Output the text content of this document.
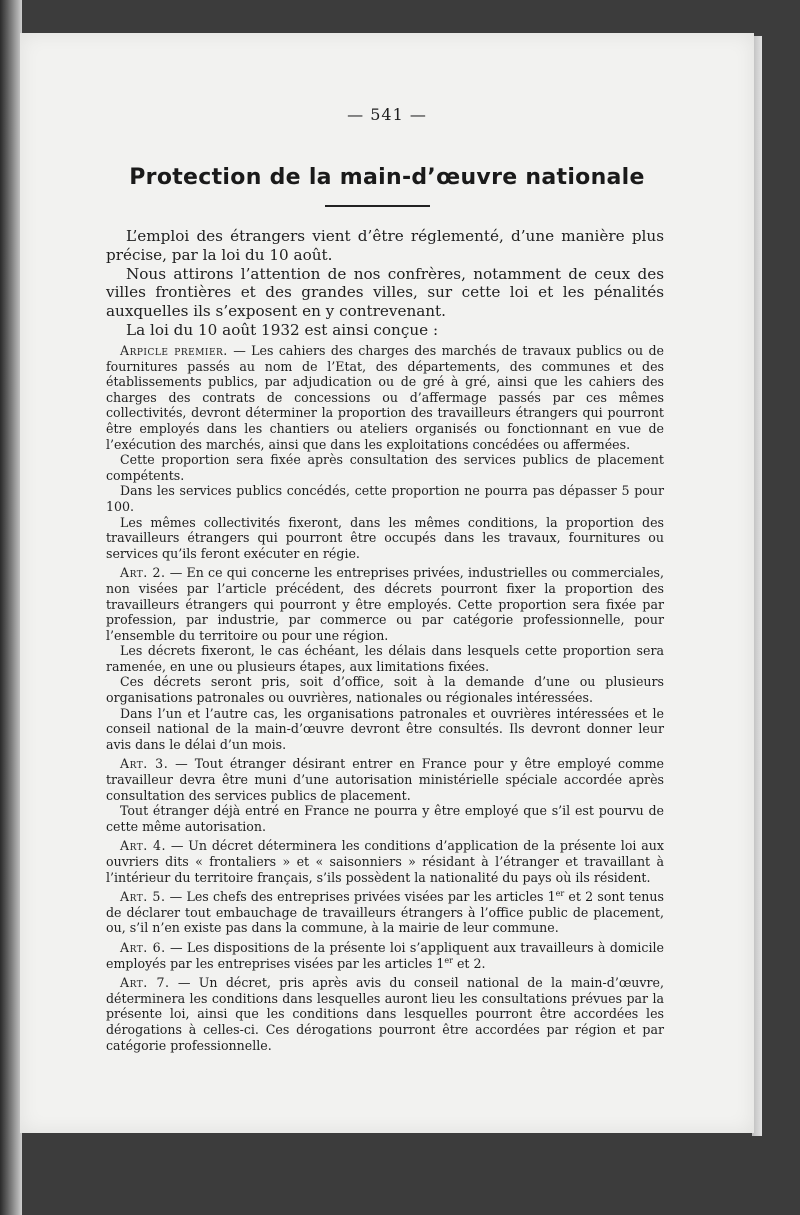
— 541 —
Protection de la main-d’œuvre nationale

L’emploi des étrangers vient d’être réglementé, d’une manière plus précise, par la loi du 10 août.

Nous attirons l’attention de nos confrères, notamment de ceux des villes frontières et des grandes villes, sur cette loi et les pénalités auxquelles ils s’exposent en y contrevenant.

La loi du 10 août 1932 est ainsi conçue :

Arpicle premier. — Les cahiers des charges des marchés de travaux publics ou de fournitures passés au nom de l’Etat, des départements, des communes et des établissements publics, par adjudication ou de gré à gré, ainsi que les cahiers des charges des contrats de concessions ou d’affermage passés par ces mêmes collectivités, devront déterminer la proportion des travailleurs étrangers qui pourront être employés dans les chantiers ou ateliers organisés ou fonctionnant en vue de l’exécution des marchés, ainsi que dans les exploitations concédées ou affermées.

Cette proportion sera fixée après consultation des services publics de placement compétents.

Dans les services publics concédés, cette proportion ne pourra pas dépasser 5 pour 100.

Les mêmes collectivités fixeront, dans les mêmes conditions, la proportion des travailleurs étrangers qui pourront être occupés dans les travaux, fournitures ou services qu’ils feront exécuter en régie.

Art. 2. — En ce qui concerne les entreprises privées, industrielles ou commerciales, non visées par l’article précédent, des décrets pourront fixer la proportion des travailleurs étrangers qui pourront y être employés. Cette proportion sera fixée par profession, par industrie, par commerce ou par catégorie professionnelle, pour l’ensemble du territoire ou pour une région.

Les décrets fixeront, le cas échéant, les délais dans lesquels cette proportion sera ramenée, en une ou plusieurs étapes, aux limitations fixées.

Ces décrets seront pris, soit d’office, soit à la demande d’une ou plusieurs organisations patronales ou ouvrières, nationales ou régionales intéressées.

Dans l’un et l’autre cas, les organisations patronales et ouvrières intéressées et le conseil national de la main-d’œuvre devront être consultés. Ils devront donner leur avis dans le délai d’un mois.

Art. 3. — Tout étranger désirant entrer en France pour y être employé comme travailleur devra être muni d’une autorisation ministérielle spéciale accordée après consultation des services publics de placement.

Tout étranger déjà entré en France ne pourra y être employé que s’il est pourvu de cette même autorisation.

Art. 4. — Un décret déterminera les conditions d’application de la présente loi aux ouvriers dits « frontaliers » et « saisonniers » résidant à l’étranger et travaillant à l’intérieur du territoire français, s’ils possèdent la nationalité du pays où ils résident.

Art. 5. — Les chefs des entreprises privées visées par les articles 1er et 2 sont tenus de déclarer tout embauchage de travailleurs étrangers à l’office public de placement, ou, s’il n’en existe pas dans la commune, à la mairie de leur commune.

Art. 6. — Les dispositions de la présente loi s’appliquent aux travailleurs à domicile employés par les entreprises visées par les articles 1er et 2.

Art. 7. — Un décret, pris après avis du conseil national de la main-d’œuvre, déterminera les conditions dans lesquelles auront lieu les consultations prévues par la présente loi, ainsi que les conditions dans lesquelles pourront être accordées les dérogations à celles-ci. Ces dérogations pourront être accordées par région et par catégorie professionnelle.
